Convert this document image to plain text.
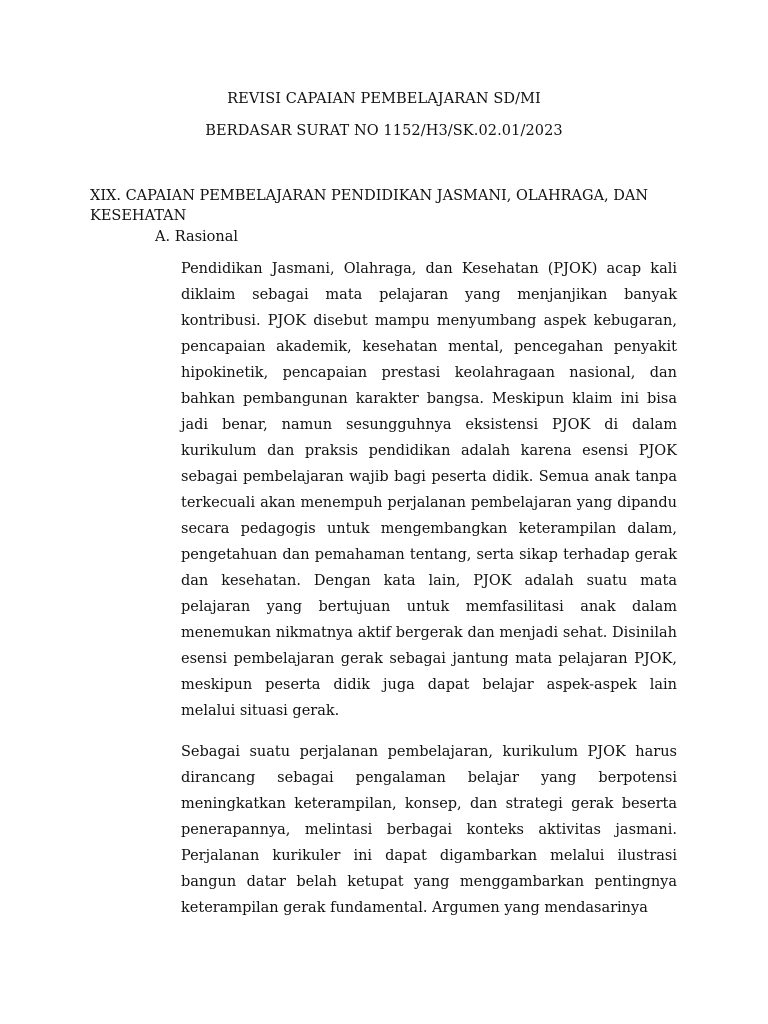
REVISI CAPAIAN PEMBELAJARAN SD/MI
BERDASAR SURAT NO 1152/H3/SK.02.01/2023
XIX. CAPAIAN PEMBELAJARAN PENDIDIKAN JASMANI, OLAHRAGA, DAN KESEHATAN
A. Rasional

Pendidikan Jasmani, Olahraga, dan Kesehatan (PJOK) acap kali diklaim sebagai mata pelajaran yang menjanjikan banyak kontribusi. PJOK disebut mampu menyumbang aspek kebugaran, pencapaian akademik, kesehatan mental, pencegahan penyakit hipokinetik, pencapaian prestasi keolahragaan nasional, dan bahkan pembangunan karakter bangsa. Meskipun klaim ini bisa jadi benar, namun sesungguhnya eksistensi PJOK di dalam kurikulum dan praksis pendidikan adalah karena esensi PJOK sebagai pembelajaran wajib bagi peserta didik. Semua anak tanpa terkecuali akan menempuh perjalanan pembelajaran yang dipandu secara pedagogis untuk mengembangkan keterampilan dalam, pengetahuan dan pemahaman tentang, serta sikap terhadap gerak dan kesehatan. Dengan kata lain, PJOK adalah suatu mata pelajaran yang bertujuan untuk memfasilitasi anak dalam menemukan nikmatnya aktif bergerak dan menjadi sehat. Disinilah esensi pembelajaran gerak sebagai jantung mata pelajaran PJOK, meskipun peserta didik juga dapat belajar aspek-aspek lain melalui situasi gerak.

Sebagai suatu perjalanan pembelajaran, kurikulum PJOK harus dirancang sebagai pengalaman belajar yang berpotensi meningkatkan keterampilan, konsep, dan strategi gerak beserta penerapannya, melintasi berbagai konteks aktivitas jasmani. Perjalanan kurikuler ini dapat digambarkan melalui ilustrasi bangun datar belah ketupat yang menggambarkan pentingnya keterampilan gerak fundamental. Argumen yang mendasarinya
